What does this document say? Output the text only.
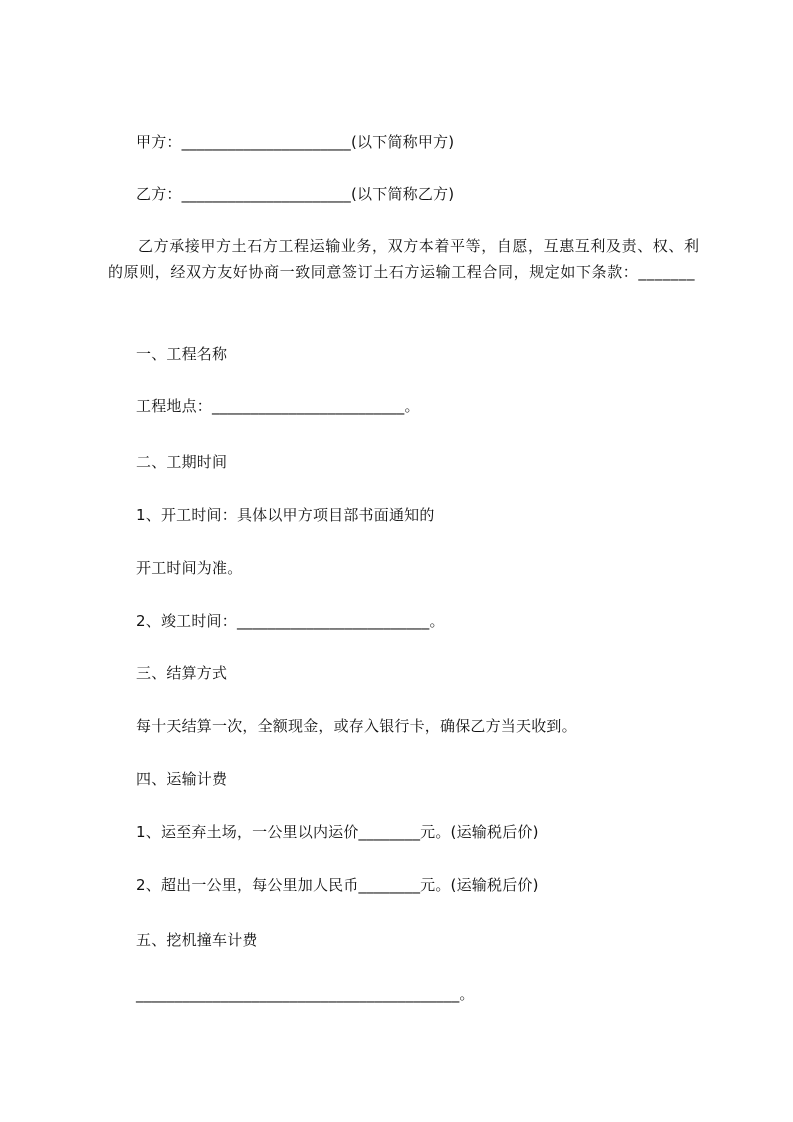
甲方：______________________(以下简称甲方)
乙方：______________________(以下简称乙方)
乙方承接甲方土石方工程运输业务，双方本着平等，自愿，互惠互利及责、权、利的原则，经双方友好协商一致同意签订土石方运输工程合同，规定如下条款：_______
一、工程名称
工程地点：_________________________。
二、工期时间
1、开工时间：具体以甲方项目部书面通知的
开工时间为准。
2、竣工时间：_________________________。
三、结算方式
每十天结算一次，全额现金，或存入银行卡，确保乙方当天收到。
四、运输计费
1、运至弃土场，一公里以内运价________元。(运输税后价)
2、超出一公里，每公里加人民币________元。(运输税后价)
五、挖机撞车计费
__________________________________________。
